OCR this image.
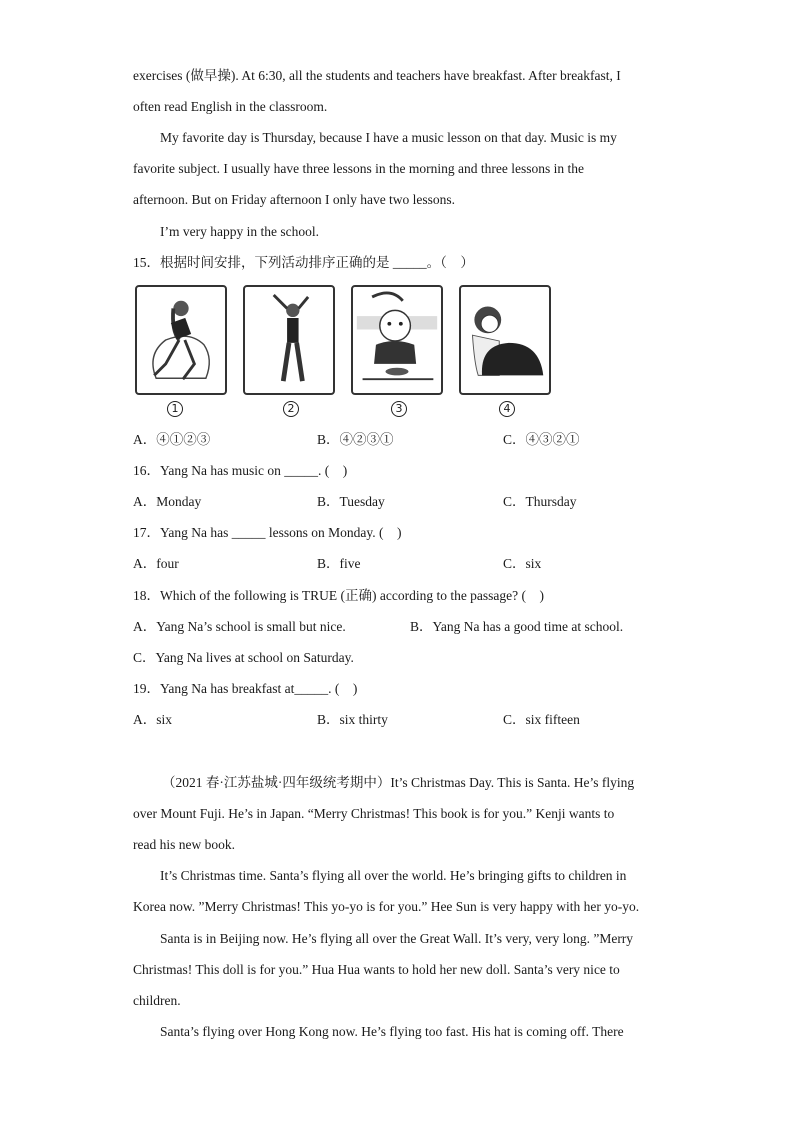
exercises (做早操). At 6:30, all the students and teachers have breakfast. After breakfast, I
often read English in the classroom.
My favorite day is Thursday, because I have a music lesson on that day. Music is my
favorite subject. I usually have three lessons in the morning and three lessons in the
afternoon. But on Friday afternoon I only have two lessons.
I’m very happy in the school.
15．根据时间安排，下列活动排序正确的是 _____。（　）
1	2	3	4
A．④①②③	B．④②③①	C．④③②①
16．Yang Na has music on _____. (　)
A．Monday	B．Tuesday	C．Thursday
17．Yang Na has _____ lessons on Monday. (　)
A．four	B．five	C．six
18．Which of the following is TRUE (正确) according to the passage? (　)
A．Yang Na’s school is small but nice.	B．Yang Na has a good time at school.
C．Yang Na lives at school on Saturday.
19．Yang Na has breakfast at_____. (　)
A．six	B．six thirty	C．six fifteen
（2021 春·江苏盐城·四年级统考期中）It’s Christmas Day. This is Santa. He’s flying
over Mount Fuji. He’s in Japan. “Merry Christmas! This book is for you.” Kenji wants to
read his new book.
It’s Christmas time. Santa’s flying all over the world. He’s bringing gifts to children in
Korea now. ”Merry Christmas! This yo-yo is for you.” Hee Sun is very happy with her yo-yo.
Santa is in Beijing now. He’s flying all over the Great Wall. It’s very, very long. ”Merry
Christmas! This doll is for you.” Hua Hua wants to hold her new doll. Santa’s very nice to
children.
Santa’s flying over Hong Kong now. He’s flying too fast. His hat is coming off. There
